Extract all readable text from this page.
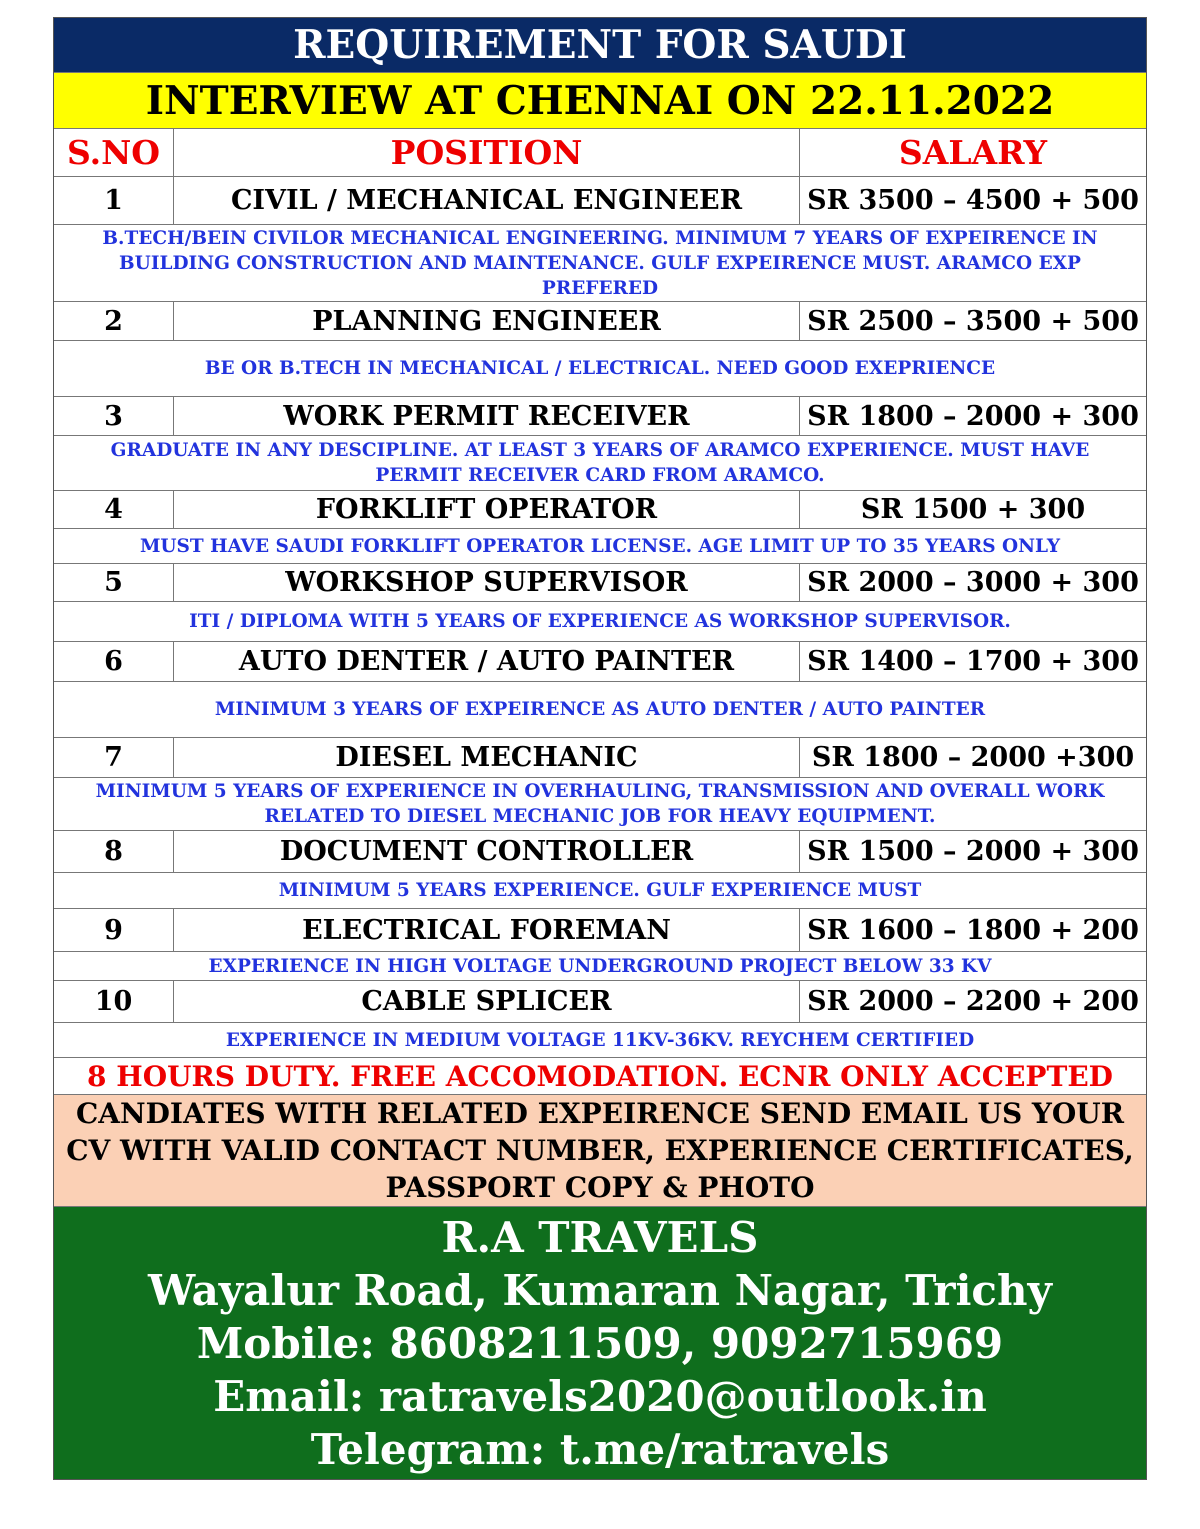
REQUIREMENT FOR SAUDI
INTERVIEW AT CHENNAI ON 22.11.2022
S.NO	POSITION	SALARY
1	CIVIL / MECHANICAL ENGINEER	SR 3500 – 4500 + 500
B.TECH/BEIN CIVILOR MECHANICAL ENGINEERING. MINIMUM 7 YEARS OF EXPEIRENCE IN BUILDING CONSTRUCTION AND MAINTENANCE. GULF EXPEIRENCE MUST. ARAMCO EXP PREFERED
2	PLANNING ENGINEER	SR 2500 – 3500 + 500
BE OR B.TECH IN MECHANICAL / ELECTRICAL. NEED GOOD EXEPRIENCE
3	WORK PERMIT RECEIVER	SR 1800 – 2000 + 300
GRADUATE IN ANY DESCIPLINE. AT LEAST 3 YEARS OF ARAMCO EXPERIENCE. MUST HAVE PERMIT RECEIVER CARD FROM ARAMCO.
4	FORKLIFT OPERATOR	SR 1500 + 300
MUST HAVE SAUDI FORKLIFT OPERATOR LICENSE. AGE LIMIT UP TO 35 YEARS ONLY
5	WORKSHOP SUPERVISOR	SR 2000 – 3000 + 300
ITI / DIPLOMA WITH 5 YEARS OF EXPERIENCE AS WORKSHOP SUPERVISOR.
6	AUTO DENTER / AUTO PAINTER	SR 1400 – 1700 + 300
MINIMUM 3 YEARS OF EXPEIRENCE AS AUTO DENTER / AUTO PAINTER
7	DIESEL MECHANIC	SR 1800 – 2000 +300
MINIMUM 5 YEARS OF EXPERIENCE IN OVERHAULING, TRANSMISSION AND OVERALL WORK RELATED TO DIESEL MECHANIC JOB FOR HEAVY EQUIPMENT.
8	DOCUMENT CONTROLLER	SR 1500 – 2000 + 300
MINIMUM 5 YEARS EXPERIENCE. GULF EXPERIENCE MUST
9	ELECTRICAL FOREMAN	SR 1600 – 1800 + 200
EXPERIENCE IN HIGH VOLTAGE UNDERGROUND PROJECT BELOW 33 KV
10	CABLE SPLICER	SR 2000 – 2200 + 200
EXPERIENCE IN MEDIUM VOLTAGE 11KV-36KV. REYCHEM CERTIFIED
8 HOURS DUTY. FREE ACCOMODATION. ECNR ONLY ACCEPTED
CANDIATES WITH RELATED EXPEIRENCE SEND EMAIL US YOUR
CV WITH VALID CONTACT NUMBER, EXPERIENCE CERTIFICATES,
PASSPORT COPY & PHOTO
R.A TRAVELS
Wayalur Road, Kumaran Nagar, Trichy
Mobile: 8608211509, 9092715969
Email: ratravels2020@outlook.in
Telegram: t.me/ratravels
